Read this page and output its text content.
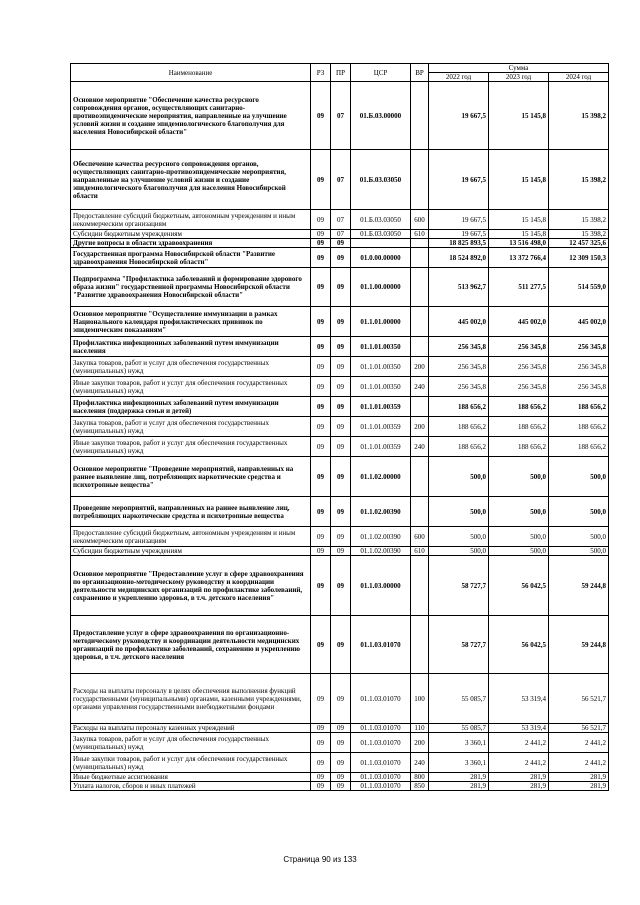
Наименование	РЗ	ПР	ЦСР	ВР	Сумма		
					2022 год	2023 год	2024 год
Основное мероприятие "Обеспечение качества ресурсного сопровождения органов, осуществляющих санитарно-противоэпидемические мероприятия, направленные на улучшение условий жизни и создание эпидемиологического благополучия для населения Новосибирской области"	09	07	01.Б.03.00000		19 667,5	15 145,8	15 398,2
Обеспечение качества ресурсного сопровождения органов, осуществляющих санитарно-противоэпидемические мероприятия, направленные на улучшение условий жизни и создание эпидемиологического благополучия для населения Новосибирской области	09	07	01.Б.03.03050		19 667,5	15 145,8	15 398,2
Предоставление субсидий бюджетным, автономным учреждениям и иным некоммерческим организациям	09	07	01.Б.03.03050	600	19 667,5	15 145,8	15 398,2
Субсидии бюджетным учреждениям	09	07	01.Б.03.03050	610	19 667,5	15 145,8	15 398,2
Другие вопросы в области здравоохранения	09	09			18 825 893,5	13 516 498,0	12 457 325,6
Государственная программа Новосибирской области "Развитие здравоохранения Новосибирской области"	09	09	01.0.00.00000		18 524 892,0	13 372 766,4	12 309 150,3
Подпрограмма "Профилактика заболеваний и формирование здорового образа жизни" государственной программы Новосибирской области "Развитие здравоохранения Новосибирской области"	09	09	01.1.00.00000		513 962,7	511 277,5	514 559,0
Основное мероприятие "Осуществление иммунизации в рамках Национального календаря профилактических прививок по эпидемическим показаниям"	09	09	01.1.01.00000		445 002,0	445 002,0	445 002,0
Профилактика инфекционных заболеваний путем иммунизации населения	09	09	01.1.01.00350		256 345,8	256 345,8	256 345,8
Закупка товаров, работ и услуг для обеспечения государственных (муниципальных) нужд	09	09	01.1.01.00350	200	256 345,8	256 345,8	256 345,8
Иные закупки товаров, работ и услуг для обеспечения государственных (муниципальных) нужд	09	09	01.1.01.00350	240	256 345,8	256 345,8	256 345,8
Профилактика инфекционных заболеваний путем иммунизации населения (поддержка семьи и детей)	09	09	01.1.01.00359		188 656,2	188 656,2	188 656,2
Закупка товаров, работ и услуг для обеспечения государственных (муниципальных) нужд	09	09	01.1.01.00359	200	188 656,2	188 656,2	188 656,2
Иные закупки товаров, работ и услуг для обеспечения государственных (муниципальных) нужд	09	09	01.1.01.00359	240	188 656,2	188 656,2	188 656,2
Основное мероприятие "Проведение мероприятий, направленных на раннее выявление лиц, потребляющих наркотические средства и психотропные вещества"	09	09	01.1.02.00000		500,0	500,0	500,0
Проведение мероприятий, направленных на раннее выявление лиц, потребляющих наркотические средства и психотропные вещества	09	09	01.1.02.00390		500,0	500,0	500,0
Предоставление субсидий бюджетным, автономным учреждениям и иным некоммерческим организациям	09	09	01.1.02.00390	600	500,0	500,0	500,0
Субсидии бюджетным учреждениям	09	09	01.1.02.00390	610	500,0	500,0	500,0
Основное мероприятие "Предоставление услуг в сфере здравоохранения по организационно-методическому руководству и координации деятельности медицинских организаций по профилактике заболеваний, сохранению и укреплению здоровья, в т.ч. детского населения"	09	09	01.1.03.00000		58 727,7	56 042,5	59 244,8
Предоставление услуг в сфере здравоохранения по организационно-методическому руководству и координации деятельности медицинских организаций по профилактике заболеваний, сохранению и укреплению здоровья, в т.ч. детского населения	09	09	01.1.03.01070		58 727,7	56 042,5	59 244,8
Расходы на выплаты персоналу в целях обеспечения выполнения функций государственными (муниципальными) органами, казенными учреждениями, органами управления государственными внебюджетными фондами	09	09	01.1.03.01070	100	55 085,7	53 319,4	56 521,7
Расходы на выплаты персоналу казенных учреждений	09	09	01.1.03.01070	110	55 085,7	53 319,4	56 521,7
Закупка товаров, работ и услуг для обеспечения государственных (муниципальных) нужд	09	09	01.1.03.01070	200	3 360,1	2 441,2	2 441,2
Иные закупки товаров, работ и услуг для обеспечения государственных (муниципальных) нужд	09	09	01.1.03.01070	240	3 360,1	2 441,2	2 441,2
Иные бюджетные ассигнования	09	09	01.1.03.01070	800	281,9	281,9	281,9
Уплата налогов, сборов и иных платежей	09	09	01.1.03.01070	850	281,9	281,9	281,9
Страница 90 из 133
